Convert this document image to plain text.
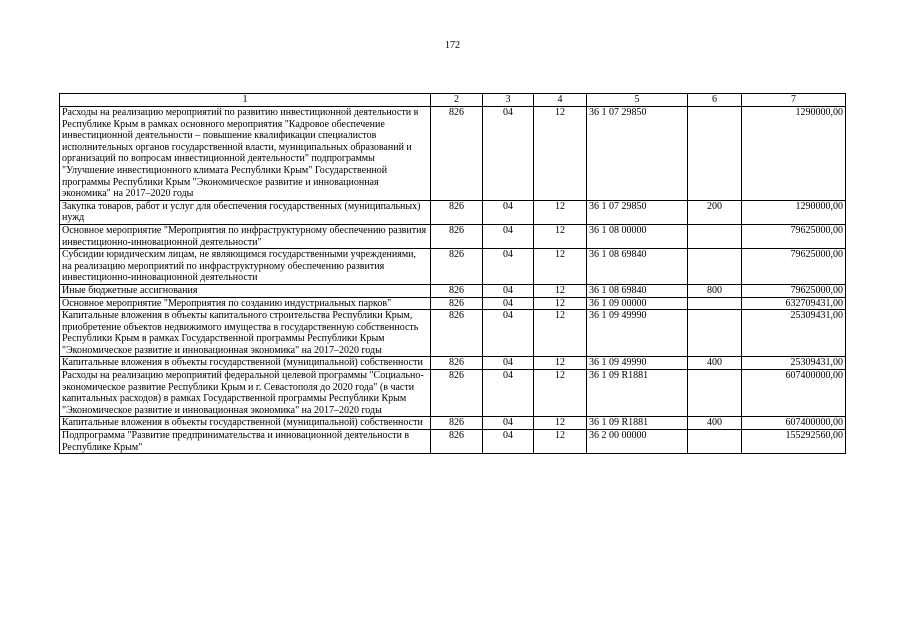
172
1	2	3	4	5	6	7
Расходы на реализацию мероприятий по развитию инвестиционной деятельности в Республике Крым в рамках основного мероприятия "Кадровое обеспечение инвестиционной деятельности – повышение квалификации специалистов исполнительных органов государственной власти, муниципальных образований и организаций по вопросам инвестиционной деятельности" подпрограммы "Улучшение инвестиционного климата Республики Крым" Государственной программы Республики Крым "Экономическое развитие и инновационная экономика" на 2017–2020 годы	826	04	12	36 1 07 29850		1290000,00
Закупка товаров, работ и услуг для обеспечения государственных (муниципальных) нужд	826	04	12	36 1 07 29850	200	1290000,00
Основное мероприятие "Мероприятия по инфраструктурному обеспечению развития инвестиционно-инновационной деятельности"	826	04	12	36 1 08 00000		79625000,00
Субсидии юридическим лицам, не являющимся государственными учреждениями, на реализацию мероприятий по инфраструктурному обеспечению развития инвестиционно-инновационной деятельности	826	04	12	36 1 08 69840		79625000,00
Иные бюджетные ассигнования	826	04	12	36 1 08 69840	800	79625000,00
Основное мероприятие "Мероприятия по созданию индустриальных парков"	826	04	12	36 1 09 00000		632709431,00
Капитальные вложения в объекты капитального строительства Республики Крым, приобретение объектов недвижимого имущества в государственную собственность Республики Крым в рамках Государственной программы Республики Крым "Экономическое развитие и инновационная экономика" на 2017–2020 годы	826	04	12	36 1 09 49990		25309431,00
Капитальные вложения в объекты государственной (муниципальной) собственности	826	04	12	36 1 09 49990	400	25309431,00
Расходы на реализацию мероприятий федеральной целевой программы "Социально-экономическое развитие Республики Крым и г. Севастополя до 2020 года" (в части капитальных расходов) в рамках Государственной программы Республики Крым "Экономическое развитие и инновационная экономика" на 2017–2020 годы	826	04	12	36 1 09 R1881		607400000,00
Капитальные вложения в объекты государственной (муниципальной) собственности	826	04	12	36 1 09 R1881	400	607400000,00
Подпрограмма "Развитие предпринимательства и инновационной деятельности в Республике Крым"	826	04	12	36 2 00 00000		155292560,00
